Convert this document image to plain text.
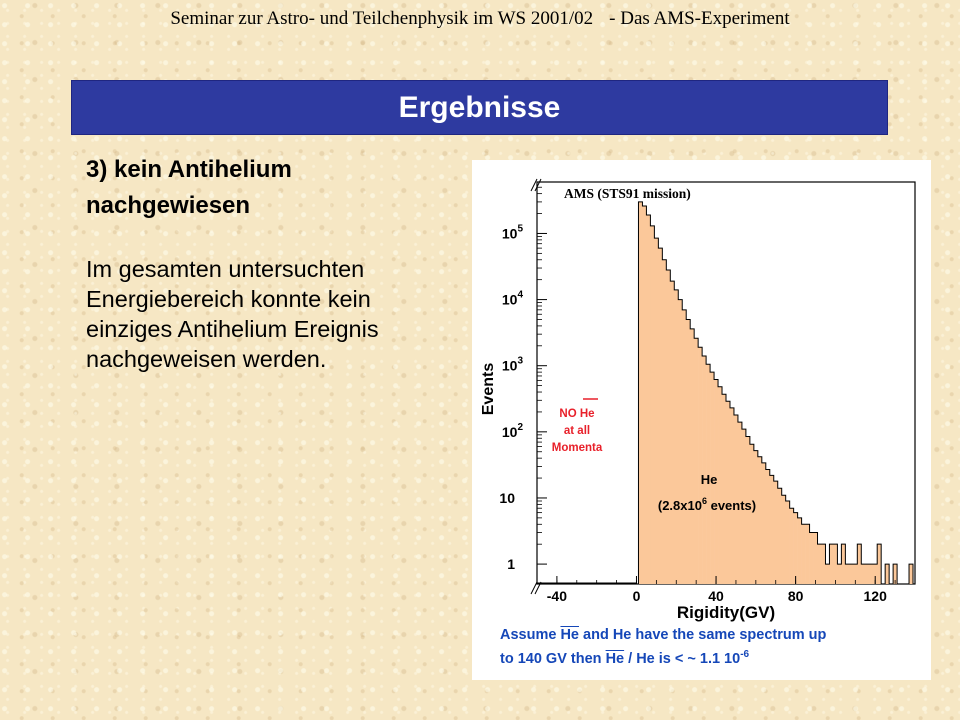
Seminar zur Astro- und Teilchenphysik im WS 2001/02 - Das AMS-Experiment
Ergebnisse
3) kein Antihelium nachgewiesen
Im gesamten untersuchten Energiebereich konnte kein einziges Antihelium Ereignis nachgeweisen werden.
-40	0	40	80	120
1
10
$10^2$
$10^3$
$10^4$
$10^5$
AMS (STS91 mission)
Rigidity(GV)
Events	NO He
at all
Momenta
He
($2.8x10^6$ events)
Assume $\overline{He}$ and He have the same spectrum up
to 140 GV then $\overline{He}$ / He is < ~ 1.1 $10^{-6}$
